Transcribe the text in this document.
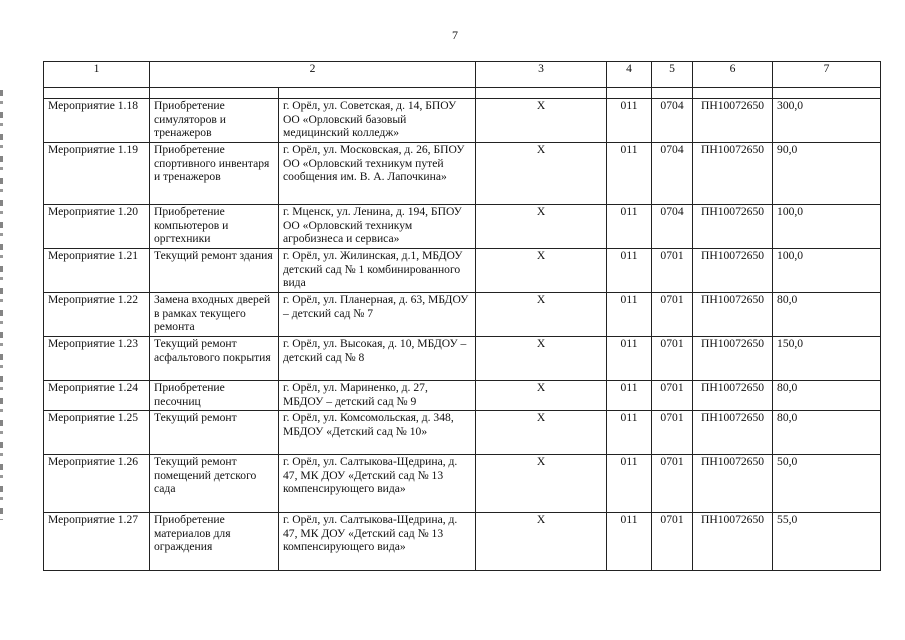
7
1	2		3	4	5	6	7

Мероприятие 1.18	Приобретение симуляторов и тренажеров	г. Орёл, ул. Советская, д. 14, БПОУ ОО «Орловский базовый медицинский колледж»	X	011	0704	ПН10072650	300,0
Мероприятие 1.19	Приобретение спортивного инвентаря и тренажеров	г. Орёл, ул. Московская, д. 26, БПОУ ОО «Орловский техникум путей сообщения им. В. А. Лапочкина»	X	011	0704	ПН10072650	90,0
Мероприятие 1.20	Приобретение компьютеров и оргтехники	г. Мценск, ул. Ленина, д. 194, БПОУ ОО «Орловский техникум агробизнеса и сервиса»	X	011	0704	ПН10072650	100,0
Мероприятие 1.21	Текущий ремонт здания	г. Орёл, ул. Жилинская, д.1, МБДОУ детский сад № 1 комбинированного вида	X	011	0701	ПН10072650	100,0
Мероприятие 1.22	Замена входных дверей в рамках текущего ремонта	г. Орёл, ул. Планерная, д. 63, МБДОУ – детский сад № 7	X	011	0701	ПН10072650	80,0
Мероприятие 1.23	Текущий ремонт асфальтового покрытия	г. Орёл, ул. Высокая, д. 10, МБДОУ – детский сад № 8	X	011	0701	ПН10072650	150,0
Мероприятие 1.24	Приобретение песочниц	г. Орёл, ул. Мариненко, д. 27, МБДОУ – детский сад № 9	X	011	0701	ПН10072650	80,0
Мероприятие 1.25	Текущий ремонт	г. Орёл, ул. Комсомольская, д. 348, МБДОУ «Детский сад № 10»	X	011	0701	ПН10072650	80,0
Мероприятие 1.26	Текущий ремонт помещений детского сада	г. Орёл, ул. Салтыкова-Щедрина, д. 47, МК ДОУ «Детский сад № 13 компенсирующего вида»	X	011	0701	ПН10072650	50,0
Мероприятие 1.27	Приобретение материалов для ограждения	г. Орёл, ул. Салтыкова-Щедрина, д. 47, МК ДОУ «Детский сад № 13 компенсирующего вида»	X	011	0701	ПН10072650	55,0
